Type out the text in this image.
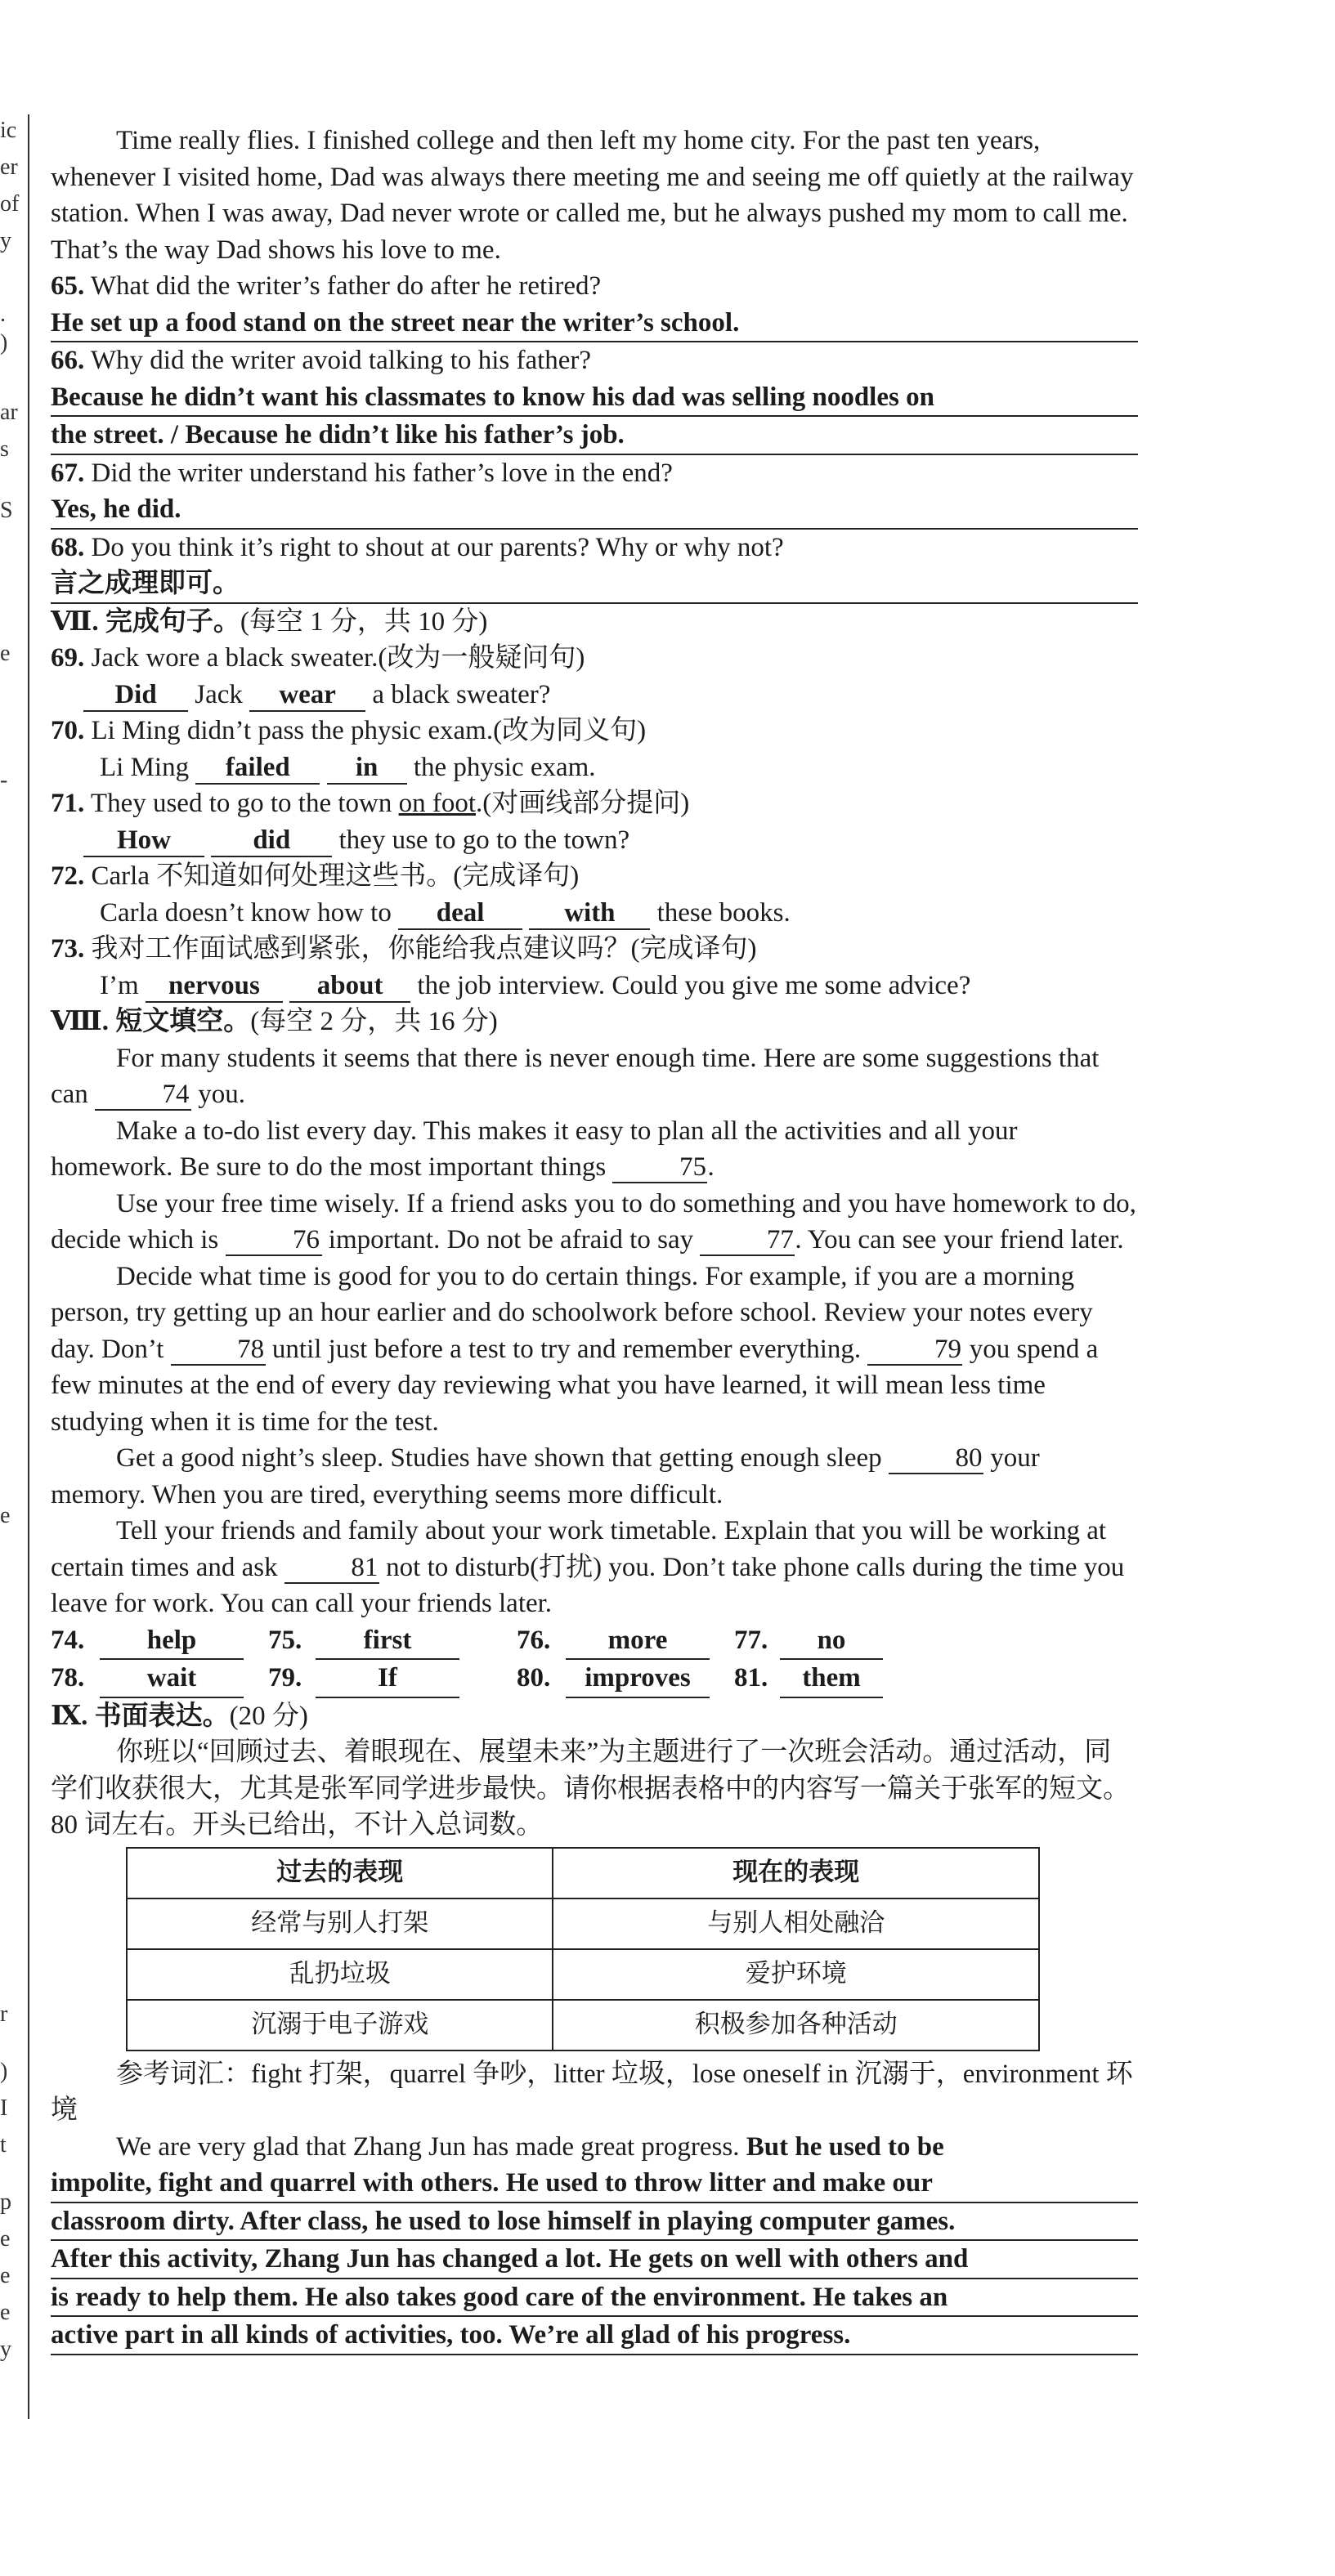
ic
er
of
y
.
)
ar
s
S
e
-
e
r
)
I
t
p
e
e
e
y

Time really flies. I finished college and then left my home city. For the past ten years, whenever I visited home, Dad was always there meeting me and seeing me off quietly at the railway station. When I was away, Dad never wrote or called me, but he always pushed my mom to call me. That’s the way Dad shows his love to me.

65. What did the writer’s father do after he retired?

He set up a food stand on the street near the writer’s school.

66. Why did the writer avoid talking to his father?

Because he didn’t want his classmates to know his dad was selling noodles on

the street. / Because he didn’t like his father’s job.

67. Did the writer understand his father’s love in the end?

Yes, he did.

68. Do you think it’s right to shout at our parents? Why or why not?

言之成理即可。

Ⅶ. 完成句子。(每空 1 分，共 10 分)

69. Jack wore a black sweater.(改为一般疑问句)

Did Jack wear a black sweater?

70. Li Ming didn’t pass the physic exam.(改为同义句)

Li Ming failed in the physic exam.

71. They used to go to the town on foot.(对画线部分提问)

How	did they use to go to the town?

72. Carla 不知道如何处理这些书。(完成译句)

Carla doesn’t know how to deal	with these books.

73. 我对工作面试感到紧张，你能给我点建议吗？(完成译句)

I’m nervous about the job interview. Could you give me some advice?

Ⅷ. 短文填空。(每空 2 分，共 16 分)

For many students it seems that there is never enough time. Here are some suggestions that can	74 you.

Make a to-do list every day. This makes it easy to plan all the activities and all your homework. Be sure to do the most important things	75.

Use your free time wisely. If a friend asks you to do something and you have homework to do, decide which is	76 important. Do not be afraid to say	77. You can see your friend later.

Decide what time is good for you to do certain things. For example, if you are a morning person, try getting up an hour earlier and do schoolwork before school. Review your notes every day. Don’t	78 until just before a test to try and remember everything.	79 you spend a few minutes at the end of every day reviewing what you have learned, it will mean less time studying when it is time for the test.

Get a good night’s sleep. Studies have shown that getting enough sleep	80 your memory. When you are tired, everything seems more difficult.

Tell your friends and family about your work timetable. Explain that you will be working at certain times and ask	81 not to disturb(打扰) you. Don’t take phone calls during the time you leave for work. You can call your friends later.

74.	help	75.	first	76.	more	77.	no
78.	wait	79.	If	80.	improves	81.	them

Ⅸ. 书面表达。(20 分)

你班以“回顾过去、着眼现在、展望未来”为主题进行了一次班会活动。通过活动，同学们收获很大，尤其是张军同学进步最快。请你根据表格中的内容写一篇关于张军的短文。80 词左右。开头已给出，不计入总词数。

过去的表现	现在的表现
经常与别人打架	与别人相处融洽
乱扔垃圾	爱护环境
沉溺于电子游戏	积极参加各种活动

参考词汇：fight 打架，quarrel 争吵，litter 垃圾，lose oneself in 沉溺于，environment 环境

We are very glad that Zhang Jun has made great progress. But he used to be

impolite, fight and quarrel with others. He used to throw litter and make our

classroom dirty. After class, he used to lose himself in playing computer games.

After this activity, Zhang Jun has changed a lot. He gets on well with others and

is ready to help them. He also takes good care of the environment. He takes an

active part in all kinds of activities, too. We’re all glad of his progress.
